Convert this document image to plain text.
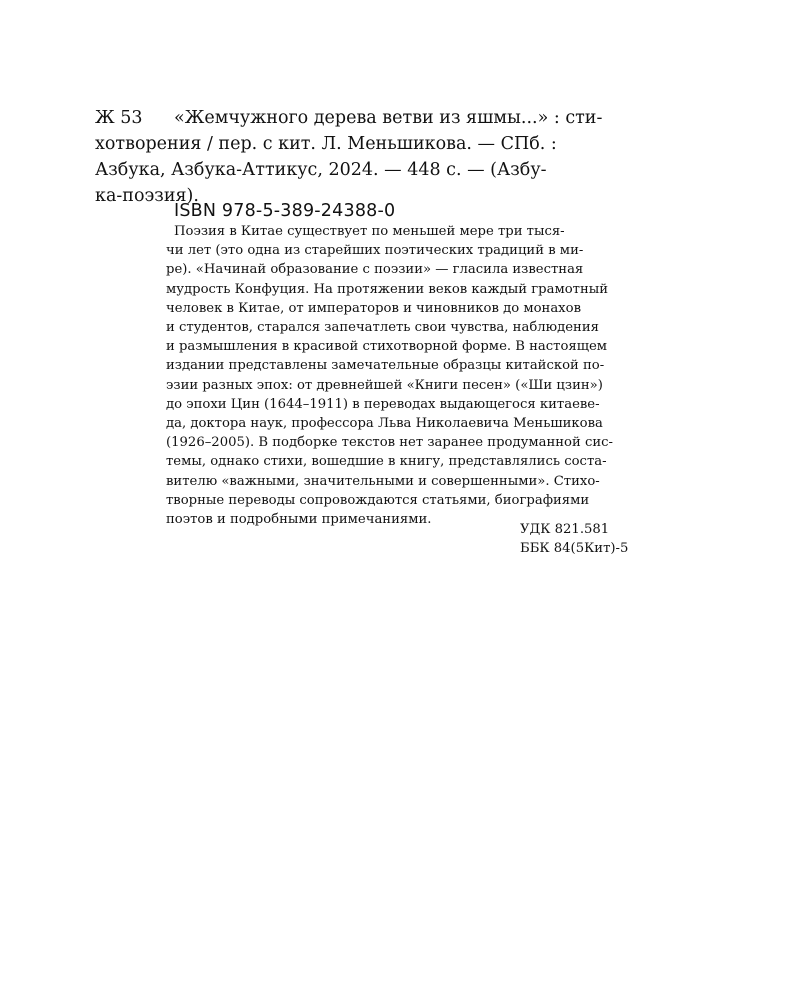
Ж 53 «Жемчужного дерева ветви из яшмы...» : сти-
хотворения / пер. с кит. Л. Меньшикова. — СПб. :
Азбука, Азбука-Аттикус, 2024. — 448 с. — (Азбу-
ка-поэзия).
ISBN 978-5-389-24388-0
Поэзия в Китае существует по меньшей мере три тыся-
чи лет (это одна из старейших поэтических традиций в ми-
ре). «Начинай образование с поэзии» — гласила известная
мудрость Конфуция. На протяжении веков каждый грамотный
человек в Китае, от императоров и чиновников до монахов
и студентов, старался запечатлеть свои чувства, наблюдения
и размышления в красивой стихотворной форме. В настоящем
издании представлены замечательные образцы китайской по-
эзии разных эпох: от древнейшей «Книги песен» («Ши цзин»)
до эпохи Цин (1644–1911) в переводах выдающегося китаеве-
да, доктора наук, профессора Льва Николаевича Меньшикова
(1926–2005). В подборке текстов нет заранее продуманной сис-
темы, однако стихи, вошедшие в книгу, представлялись соста-
вителю «важными, значительными и совершенными». Стихо-
творные переводы сопровождаются статьями, биографиями
поэтов и подробными примечаниями.
УДК 821.581
ББК 84(5Кит)-5
